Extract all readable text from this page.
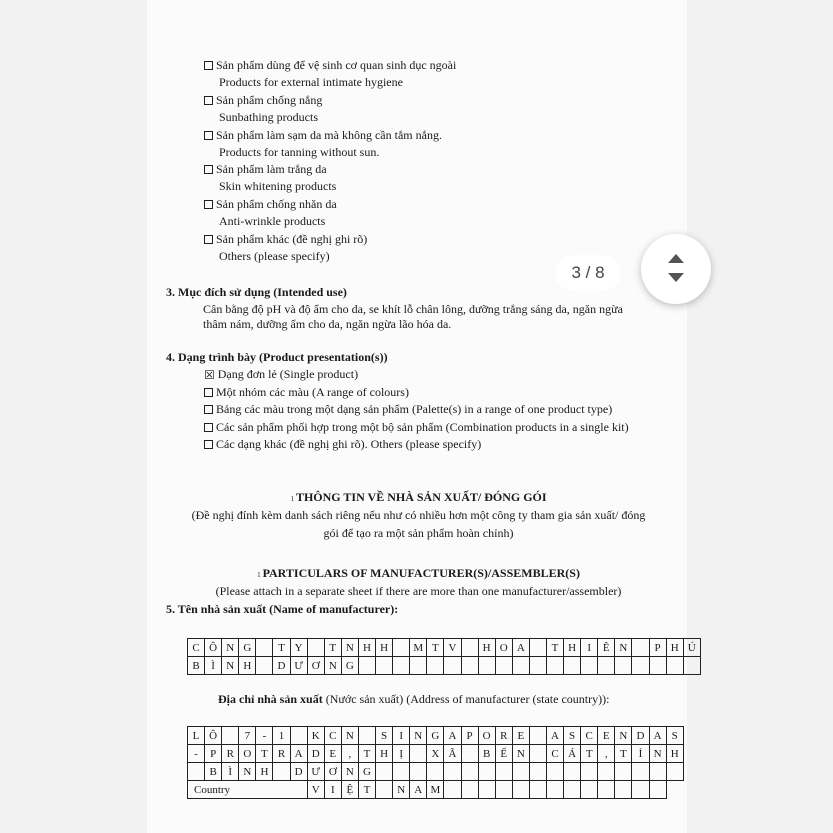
Sản phẩm dùng để vệ sinh cơ quan sinh dục ngoài
Products for external intimate hygiene
Sản phẩm chống nắng
Sunbathing products
Sản phẩm làm sạm da mà không cần tắm nắng.
Products for tanning without sun.
Sản phẩm làm trắng da
Skin whitening products
Sản phẩm chống nhăn da
Anti-wrinkle products
Sản phẩm khác (đề nghị ghi rõ)
Others (please specify)
3. Mục đích sử dụng (Intended use)
Cân bằng độ pH và độ ẩm cho da, se khít lỗ chân lông, dưỡng trắng sáng da, ngăn ngừa
thâm nám, dưỡng ẩm cho da, ngăn ngừa lão hóa da.
4. Dạng trình bày (Product presentation(s))
☒ Dạng đơn lẻ (Single product)
Một nhóm các màu (A range of colours)
Bảng các màu trong một dạng sản phẩm (Palette(s) in a range of one product type)
Các sản phẩm phối hợp trong một bộ sản phẩm (Combination products in a single kit)
Các dạng khác (đề nghị ghi rõ). Others (please specify)
1 THÔNG TIN VỀ NHÀ SẢN XUẤT/ ĐÓNG GÓI
(Đề nghị đính kèm danh sách riêng nếu như có nhiều hơn một công ty tham gia sản xuất/ đóng
gói để tạo ra một sản phẩm hoàn chỉnh)
1 PARTICULARS OF MANUFACTURER(S)/ASSEMBLER(S)
(Please attach in a separate sheet if there are more than one manufacturer/assembler)
5. Tên nhà sản xuất (Name of manufacturer):
C	Ô	N	G		T	Y		T	N	H	H		M	T	V		H	O	A		T	H	I	Ê	N		P	H	Ú
B	Ì	N	H		D	Ư	Ơ	N	G																				
Địa chỉ nhà sản xuất (Nước sản xuất) (Address of manufacturer (state country)):
L	Ô		7	-	1		K	C	N		S	I	N	G	A	P	O	R	E		A	S	C	E	N	D	A	S
-	P	R	O	T	R	A	D	E	,	T	H	Ị		X	Ã		B	Ế	N		C	Á	T	,	T	Ỉ	N	H
	B	Ì	N	H		D	Ư	Ơ	N	G																		
Country							V	I	Ệ	T		N	A	M														
3 / 8
